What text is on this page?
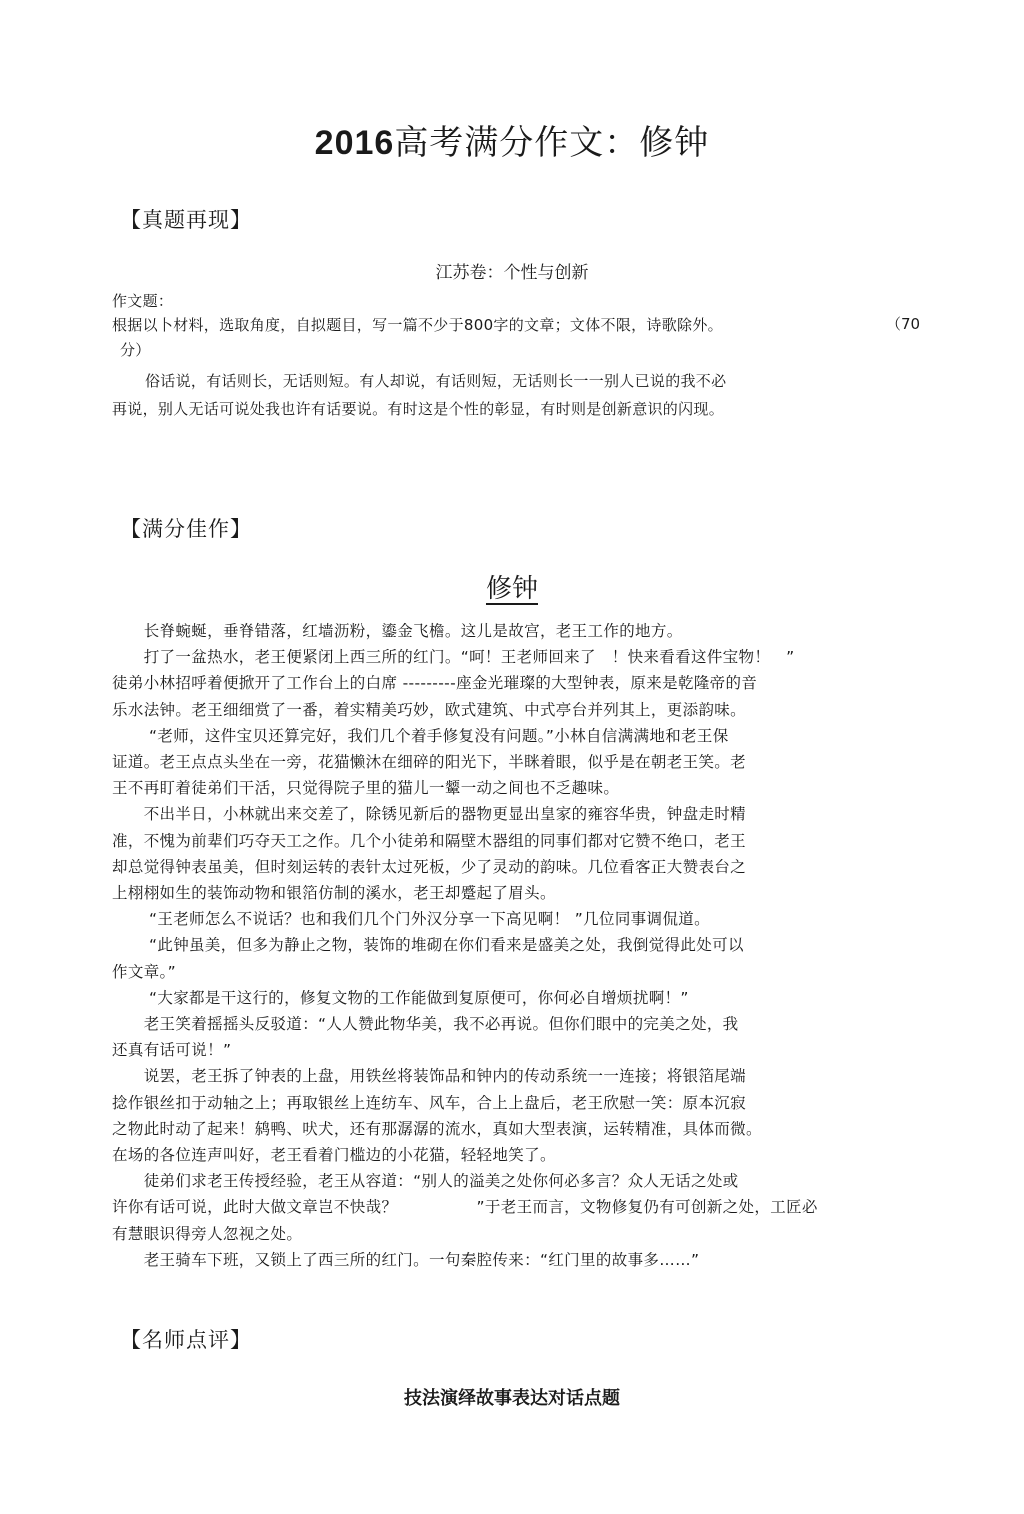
2016高考满分作文：修钟
【真题再现】
江苏卷：个性与创新
作文题：
根据以卜材料，选取角度，自拟题目，写一篇不少于800字的文章；文体不限，诗歌除外。	（70
分）
俗话说，有话则长，无话则短。有人却说，有话则短，无话则长一一别人已说的我不必
再说，别人无话可说处我也许有话要说。有时这是个性的彰显，有时则是创新意识的闪现。
【满分佳作】
修钟

　　长脊蜿蜒，垂脊错落，红墙沥粉，鎏金飞檐。这儿是故宫，老王工作的地方。

　　打了一盆热水，老王便紧闭上西三所的红门。“呵！王老师回来了　！快来看看这件宝物！　”

徒弟小林招呼着便掀开了工作台上的白席 ---------座金光璀璨的大型钟表，原来是乾隆帝的音

乐水法钟。老王细细赏了一番，着实精美巧妙，欧式建筑、中式亭台并列其上，更添韵味。

　　 “老师，这件宝贝还算完好，我们几个着手修复没有问题。”小林自信满满地和老王保

证道。老王点点头坐在一旁，花猫懒沐在细碎的阳光下，半眯着眼，似乎是在朝老王笑。老

王不再盯着徒弟们干活，只觉得院子里的猫儿一颦一动之间也不乏趣味。

　　不出半日，小林就出来交差了，除锈见新后的器物更显出皇家的雍容华贵，钟盘走时精

准，不愧为前辈们巧夺天工之作。几个小徒弟和隔壁木器组的同事们都对它赞不绝口，老王

却总觉得钟表虽美，但时刻运转的表针太过死板，少了灵动的韵味。几位看客正大赞表台之

上栩栩如生的装饰动物和银箔仿制的溪水，老王却蹙起了眉头。

　　 “王老师怎么不说话？也和我们几个门外汉分享一下高见啊！ ”几位同事调侃道。

　　 “此钟虽美，但多为静止之物，装饰的堆砌在你们看来是盛美之处，我倒觉得此处可以

作文章。”

　　 “大家都是干这行的，修复文物的工作能做到复原便可，你何必自增烦扰啊！”

　　老王笑着摇摇头反驳道：“人人赞此物华美，我不必再说。但你们眼中的完美之处，我

还真有话可说！”

　　说罢，老王拆了钟表的上盘，用铁丝将装饰品和钟内的传动系统一一连接；将银箔尾端

捻作银丝扣于动轴之上；再取银丝上连纺车、风车，合上上盘后，老王欣慰一笑：原本沉寂

之物此时动了起来！鸫鸭、吠犬，还有那潺潺的流水，真如大型表演，运转精准，具体而微。

在场的各位连声叫好，老王看着门槛边的小花猫，轻轻地笑了。

　　徒弟们求老王传授经验，老王从容道：“别人的溢美之处你何必多言？众人无话之处或

许你有话可说，此时大做文章岂不快哉？　　　　　”于老王而言，文物修复仍有可创新之处，工匠必

有慧眼识得旁人忽视之处。

　　老王骑车下班，又锁上了西三所的红门。一句秦腔传来：“红门里的故事多……”

【名师点评】
技法演绎故事表达对话点题
